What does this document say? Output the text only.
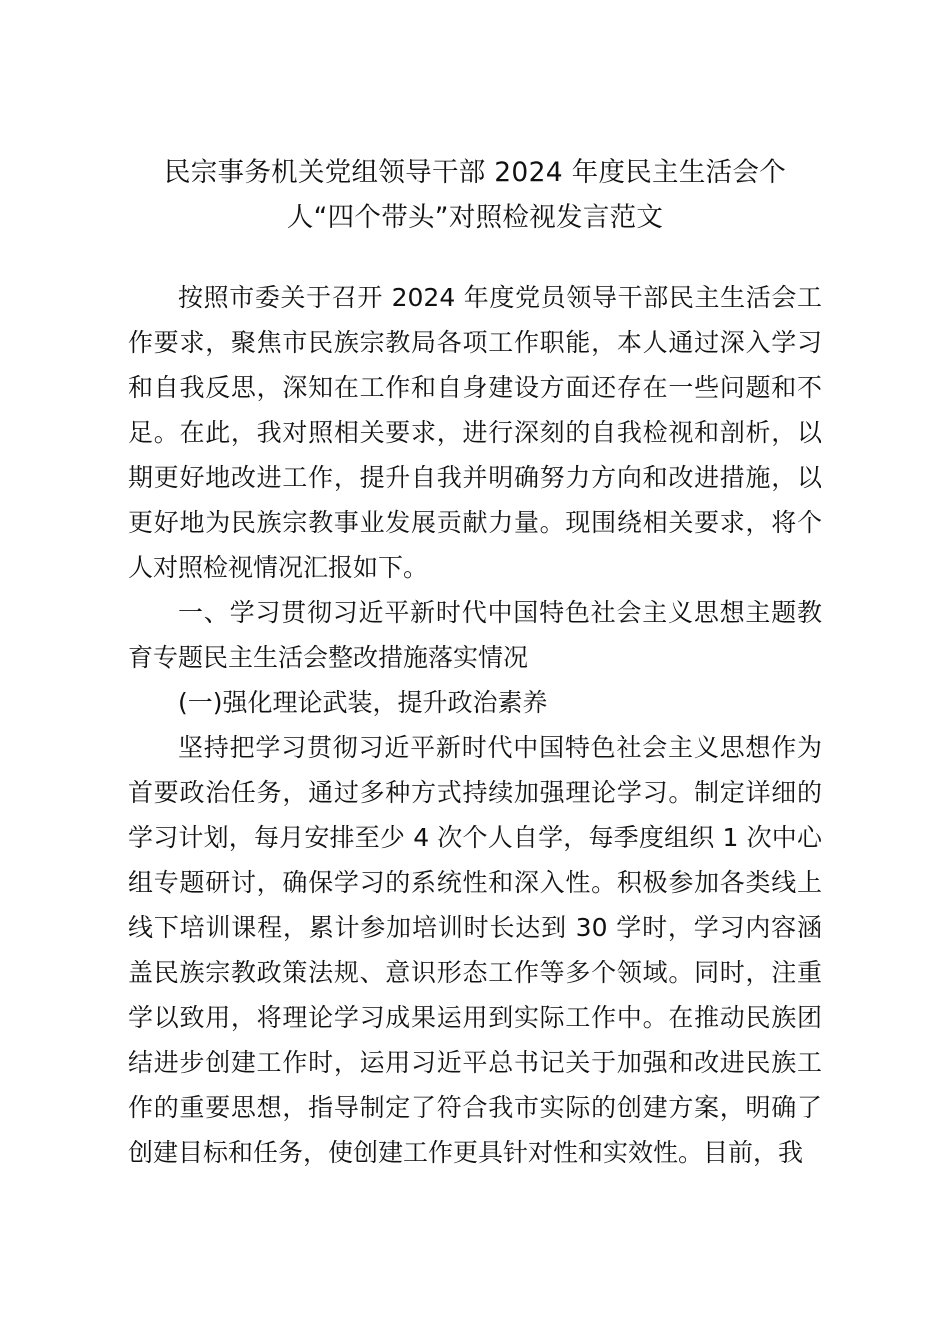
民宗事务机关党组领导干部 2024 年度民主生活会个
人“四个带头”对照检视发言范文

按照市委关于召开 2024 年度党员领导干部民主生活会工作要求，聚焦市民族宗教局各项工作职能，本人通过深入学习和自我反思，深知在工作和自身建设方面还存在一些问题和不足。在此，我对照相关要求，进行深刻的自我检视和剖析，以期更好地改进工作，提升自我并明确努力方向和改进措施，以更好地为民族宗教事业发展贡献力量。现围绕相关要求，将个人对照检视情况汇报如下。

一、学习贯彻习近平新时代中国特色社会主义思想主题教育专题民主生活会整改措施落实情况

(一)强化理论武装，提升政治素养

坚持把学习贯彻习近平新时代中国特色社会主义思想作为首要政治任务，通过多种方式持续加强理论学习。制定详细的学习计划，每月安排至少 4 次个人自学，每季度组织 1 次中心组专题研讨，确保学习的系统性和深入性。积极参加各类线上线下培训课程，累计参加培训时长达到 30 学时，学习内容涵盖民族宗教政策法规、意识形态工作等多个领域。同时，注重学以致用，将理论学习成果运用到实际工作中。在推动民族团结进步创建工作时，运用习近平总书记关于加强和改进民族工作的重要思想，指导制定了符合我市实际的创建方案，明确了创建目标和任务，使创建工作更具针对性和实效性。目前，我
